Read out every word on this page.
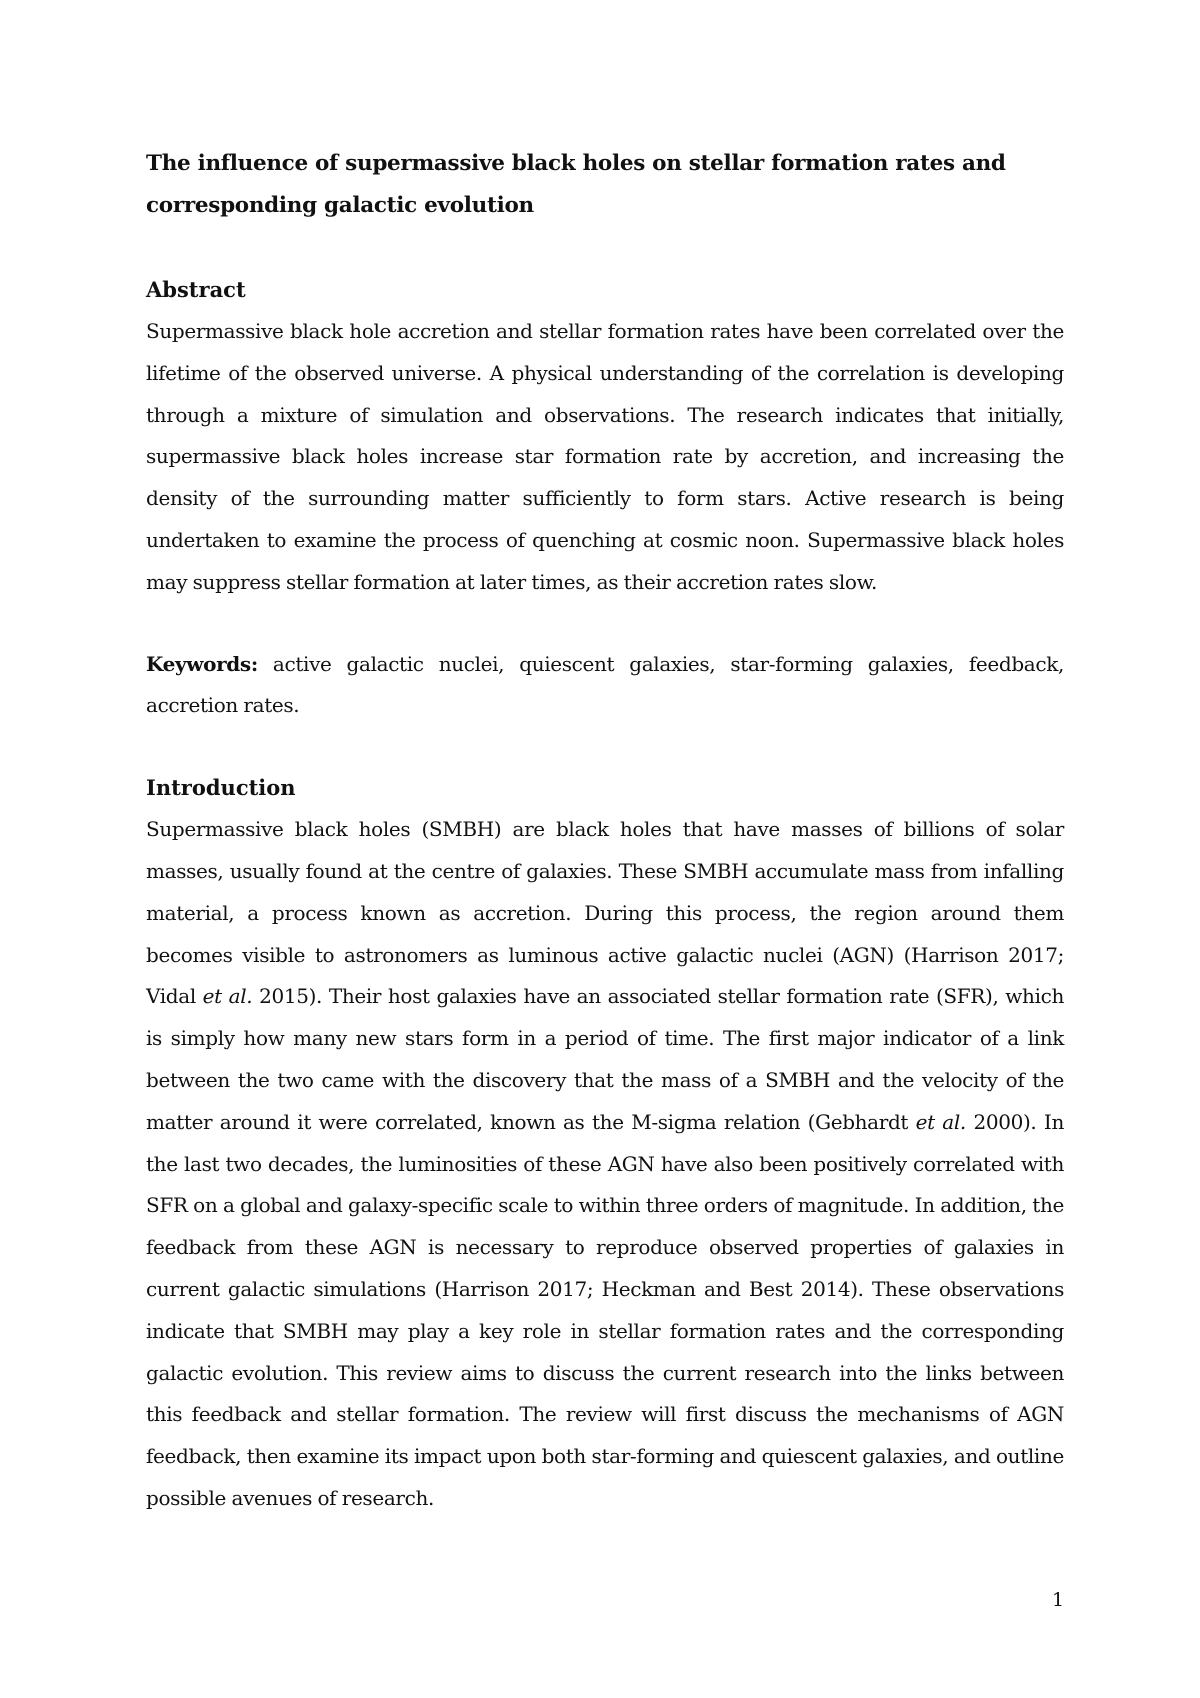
The influence of supermassive black holes on stellar formation rates and corresponding galactic evolution

Abstract

Supermassive black hole accretion and stellar formation rates have been correlated over the lifetime of the observed universe. A physical understanding of the correlation is developing through a mixture of simulation and observations. The research indicates that initially, supermassive black holes increase star formation rate by accretion, and increasing the density of the surrounding matter sufficiently to form stars. Active research is being undertaken to examine the process of quenching at cosmic noon. Supermassive black holes may suppress stellar formation at later times, as their accretion rates slow.

Keywords: active galactic nuclei, quiescent galaxies, star-forming galaxies, feedback, accretion rates.

Introduction

Supermassive black holes (SMBH) are black holes that have masses of billions of solar masses, usually found at the centre of galaxies. These SMBH accumulate mass from infalling material, a process known as accretion. During this process, the region around them becomes visible to astronomers as luminous active galactic nuclei (AGN) (Harrison 2017; Vidal et al. 2015). Their host galaxies have an associated stellar formation rate (SFR), which is simply how many new stars form in a period of time. The first major indicator of a link between the two came with the discovery that the mass of a SMBH and the velocity of the matter around it were correlated, known as the M-sigma relation (Gebhardt et al. 2000). In the last two decades, the luminosities of these AGN have also been positively correlated with SFR on a global and galaxy-specific scale to within three orders of magnitude. In addition, the feedback from these AGN is necessary to reproduce observed properties of galaxies in current galactic simulations (Harrison 2017; Heckman and Best 2014). These observations indicate that SMBH may play a key role in stellar formation rates and the corresponding galactic evolution. This review aims to discuss the current research into the links between this feedback and stellar formation. The review will first discuss the mechanisms of AGN feedback, then examine its impact upon both star-forming and quiescent galaxies, and outline possible avenues of research.

1
